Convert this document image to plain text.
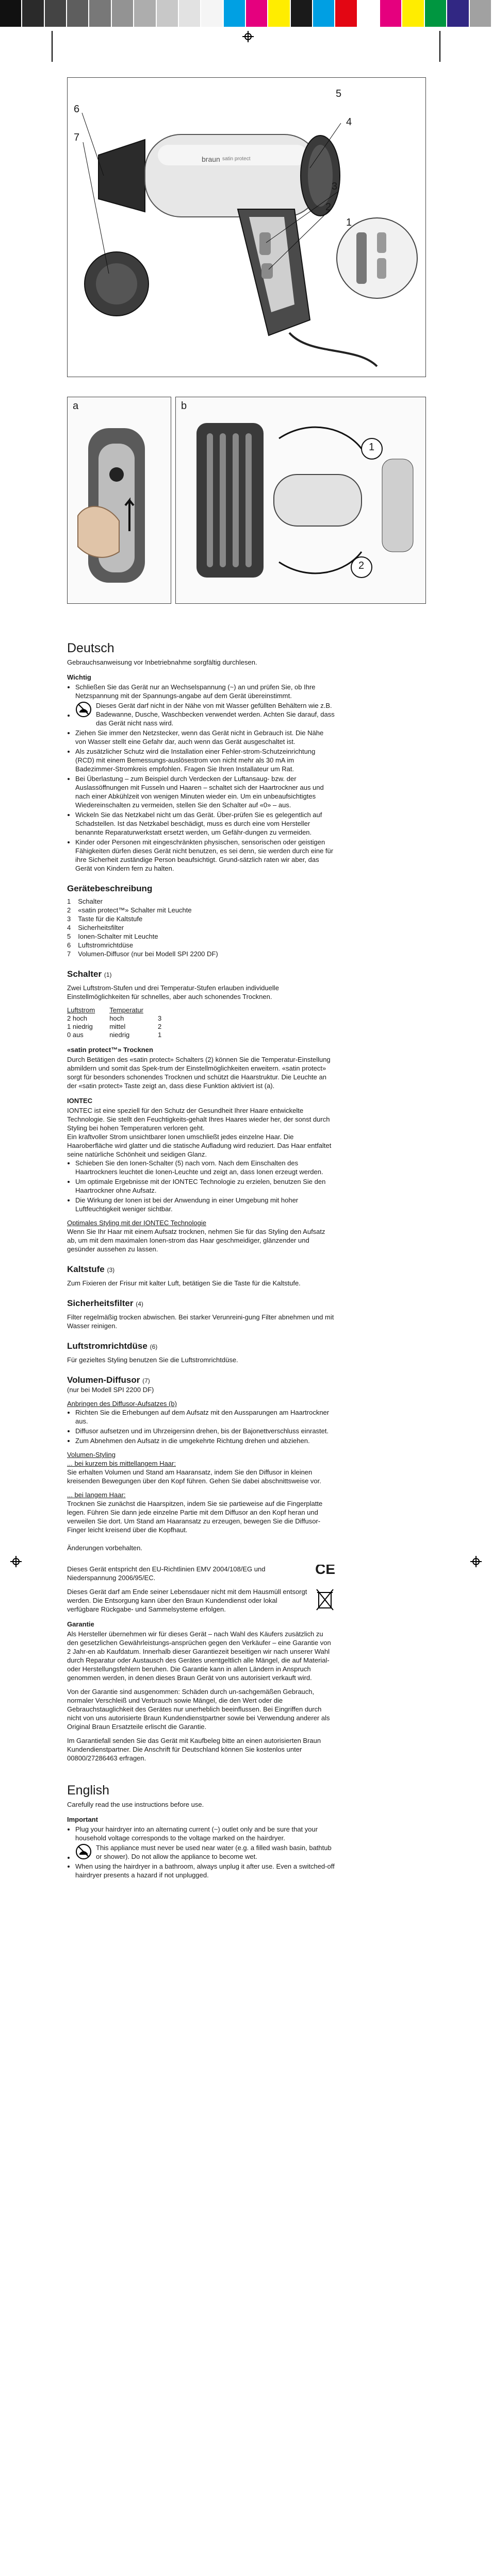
braun satin protect
6
7
5
4
3
1
2
a	b
1
2
Deutsch

Gebrauchsanweisung vor Inbetriebnahme sorgfältig durchlesen.

Wichtig
• Schließen Sie das Gerät nur an Wechselspannung (~) an und prüfen Sie, ob Ihre Netzspannung mit der Spannungs-angabe auf dem Gerät übereinstimmt.
• Dieses Gerät darf nicht in der Nähe von mit Wasser gefüllten Behältern wie z.B. Badewanne, Dusche, Waschbecken verwendet werden. Achten Sie darauf, dass das Gerät nicht nass wird.
• Ziehen Sie immer den Netzstecker, wenn das Gerät nicht in Gebrauch ist. Die Nähe von Wasser stellt eine Gefahr dar, auch wenn das Gerät ausgeschaltet ist.
• Als zusätzlicher Schutz wird die Installation einer Fehler-strom-Schutzeinrichtung (RCD) mit einem Bemessungs-auslösestrom von nicht mehr als 30 mA im Badezimmer-Stromkreis empfohlen. Fragen Sie Ihren Installateur um Rat.
• Bei Überlastung – zum Beispiel durch Verdecken der Luftansaug- bzw. der Auslassöffnungen mit Fusseln und Haaren – schaltet sich der Haartrockner aus und nach einer Abkühlzeit von wenigen Minuten wieder ein. Um ein unbeaufsichtigtes Wiedereinschalten zu vermeiden, stellen Sie den Schalter auf «0» – aus.
• Wickeln Sie das Netzkabel nicht um das Gerät. Über-prüfen Sie es gelegentlich auf Schadstellen. Ist das Netzkabel beschädigt, muss es durch eine vom Hersteller benannte Reparaturwerkstatt ersetzt werden, um Gefähr-dungen zu vermeiden.
• Kinder oder Personen mit eingeschränkten physischen, sensorischen oder geistigen Fähigkeiten dürfen dieses Gerät nicht benutzen, es sei denn, sie werden durch eine für ihre Sicherheit zuständige Person beaufsichtigt. Grund-sätzlich raten wir aber, das Gerät von Kindern fern zu halten.
Gerätebeschreibung
1 Schalter
2 «satin protect™» Schalter mit Leuchte
3 Taste für die Kaltstufe
4 Sicherheitsfilter
5 Ionen-Schalter mit Leuchte
6 Luftstromrichtdüse
7 Volumen-Diffusor (nur bei Modell SPI 2200 DF)
Schalter (1)

Zwei Luftstrom-Stufen und drei Temperatur-Stufen erlauben individuelle Einstellmöglichkeiten für schnelles, aber auch schonendes Trocknen.

Luftstrom	Temperatur	
2 hoch	hoch	3
1 niedrig	mittel	2
0 aus	niedrig	1
«satin protect™» Trocknen

Durch Betätigen des «satin protect» Schalters (2) können Sie die Temperatur-Einstellung abmildern und somit das Spek-trum der Einstellmöglichkeiten erweitern. «satin protect» sorgt für besonders schonendes Trocknen und schützt die Haarstruktur. Die Leuchte an der «satin protect» Taste zeigt an, dass diese Funktion aktiviert ist (a).

IONTEC

IONTEC ist eine speziell für den Schutz der Gesundheit Ihrer Haare entwickelte Technologie. Sie stellt den Feuchtigkeits-gehalt Ihres Haares wieder her, der sonst durch Styling bei hohen Temperaturen verloren geht.

Ein kraftvoller Strom unsichtbarer Ionen umschließt jedes einzelne Haar. Die Haaroberfläche wird glatter und die statische Aufladung wird reduziert. Das Haar entfaltet seine natürliche Schönheit und seidigen Glanz.

• Schieben Sie den Ionen-Schalter (5) nach vorn. Nach dem Einschalten des Haartrockners leuchtet die Ionen-Leuchte und zeigt an, dass Ionen erzeugt werden.
• Um optimale Ergebnisse mit der IONTEC Technologie zu erzielen, benutzen Sie den Haartrockner ohne Aufsatz.
• Die Wirkung der Ionen ist bei der Anwendung in einer Umgebung mit hoher Luftfeuchtigkeit weniger sichtbar.
Optimales Styling mit der IONTEC Technologie

Wenn Sie Ihr Haar mit einem Aufsatz trocknen, nehmen Sie für das Styling den Aufsatz ab, um mit dem maximalen Ionen-strom das Haar geschmeidiger, glänzender und gesünder aussehen zu lassen.

Kaltstufe (3)

Zum Fixieren der Frisur mit kalter Luft, betätigen Sie die Taste für die Kaltstufe.

Sicherheitsfilter (4)

Filter regelmäßig trocken abwischen. Bei starker Verunreini-gung Filter abnehmen und mit Wasser reinigen.

Luftstromrichtdüse (6)

Für gezieltes Styling benutzen Sie die Luftstromrichtdüse.

Volumen-Diffusor (7)

(nur bei Modell SPI 2200 DF)

Anbringen des Diffusor-Aufsatzes (b)
• Richten Sie die Erhebungen auf dem Aufsatz mit den Aussparungen am Haartrockner aus.
• Diffusor aufsetzen und im Uhrzeigersinn drehen, bis der Bajonettverschluss einrastet.
• Zum Abnehmen den Aufsatz in die umgekehrte Richtung drehen und abziehen.
Volumen-Styling
... bei kurzem bis mittellangem Haar:

Sie erhalten Volumen und Stand am Haaransatz, indem Sie den Diffusor in kleinen kreisenden Bewegungen über den Kopf führen. Gehen Sie dabei abschnittsweise vor.

... bei langem Haar:

Trocknen Sie zunächst die Haarspitzen, indem Sie sie partieweise auf die Fingerplatte legen. Führen Sie dann jede einzelne Partie mit dem Diffusor an den Kopf heran und verweilen Sie dort. Um Stand am Haaransatz zu erzeugen, bewegen Sie die Diffusor-Finger leicht kreisend über die Kopfhaut.

Änderungen vorbehalten.

CE
Dieses Gerät entspricht den EU-Richtlinien EMV 2004/108/EG und Niederspannung 2006/95/EC.

Dieses Gerät darf am Ende seiner Lebensdauer nicht mit dem Hausmüll entsorgt werden. Die Entsorgung kann über den Braun Kundendienst oder lokal verfügbare Rückgabe- und Sammelsysteme erfolgen.

Garantie

Als Hersteller übernehmen wir für dieses Gerät – nach Wahl des Käufers zusätzlich zu den gesetzlichen Gewährleistungs-ansprüchen gegen den Verkäufer – eine Garantie von 2 Jahr-en ab Kaufdatum. Innerhalb dieser Garantiezeit beseitigen wir nach unserer Wahl durch Reparatur oder Austausch des Gerätes unentgeltlich alle Mängel, die auf Material- oder Herstellungsfehlern beruhen. Die Garantie kann in allen Ländern in Anspruch genommen werden, in denen dieses Braun Gerät von uns autorisiert verkauft wird.

Von der Garantie sind ausgenommen: Schäden durch un-sachgemäßen Gebrauch, normaler Verschleiß und Verbrauch sowie Mängel, die den Wert oder die Gebrauchstauglichkeit des Gerätes nur unerheblich beeinflussen. Bei Eingriffen durch nicht von uns autorisierte Braun Kundendienstpartner sowie bei Verwendung anderer als Original Braun Ersatzteile erlischt die Garantie.

Im Garantiefall senden Sie das Gerät mit Kaufbeleg bitte an einen autorisierten Braun Kundendienstpartner. Die Anschrift für Deutschland können Sie kostenlos unter 00800/27286463 erfragen.

English

Carefully read the use instructions before use.

Important
• Plug your hairdryer into an alternating current (~) outlet only and be sure that your household voltage corresponds to the voltage marked on the hairdryer.
• This appliance must never be used near water (e.g. a filled wash basin, bathtub or shower). Do not allow the appliance to become wet.
• When using the hairdryer in a bathroom, always unplug it after use. Even a switched-off hairdryer presents a hazard if not unplugged.
